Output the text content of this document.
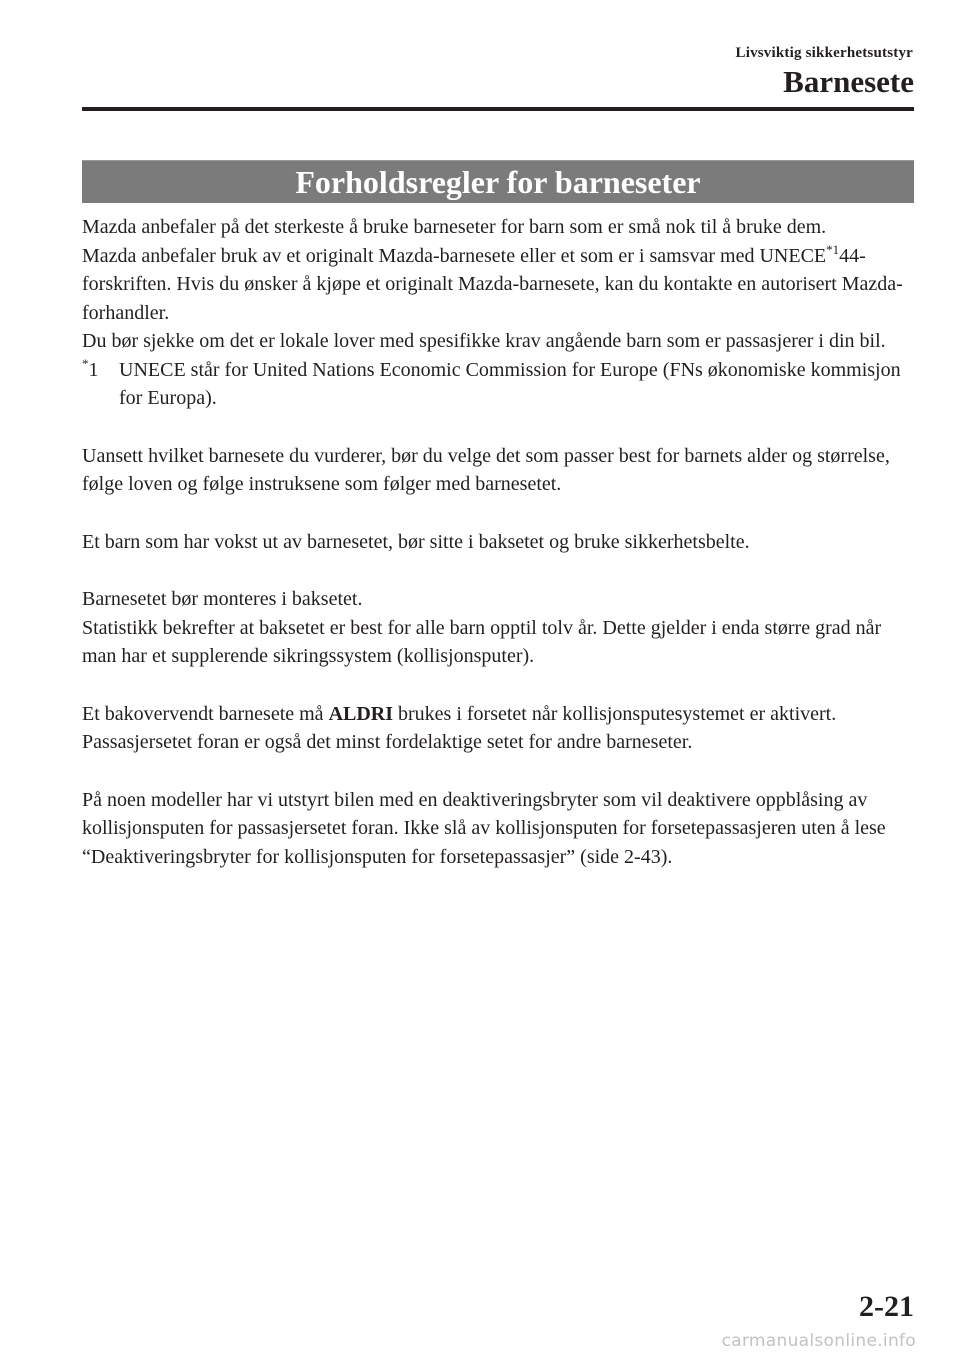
Livsviktig sikkerhetsutstyr
Barnesete
Forholdsregler for barneseter

Mazda anbefaler på det sterkeste å bruke barneseter for barn som er små nok til å bruke dem.

Mazda anbefaler bruk av et originalt Mazda-barnesete eller et som er i samsvar med UNECE$^{*1}$44-forskriften. Hvis du ønsker å kjøpe et originalt Mazda-barnesete, kan du kontakte en autorisert Mazda-forhandler.

Du bør sjekke om det er lokale lover med spesifikke krav angående barn som er passasjerer i din bil.

*1 UNECE står for United Nations Economic Commission for Europe (FNs økonomiske kommisjon for Europa).

Uansett hvilket barnesete du vurderer, bør du velge det som passer best for barnets alder og størrelse, følge loven og følge instruksene som følger med barnesetet.

Et barn som har vokst ut av barnesetet, bør sitte i baksetet og bruke sikkerhetsbelte.

Barnesetet bør monteres i baksetet.

Statistikk bekrefter at baksetet er best for alle barn opptil tolv år. Dette gjelder i enda større grad når man har et supplerende sikringssystem (kollisjonsputer).

Et bakovervendt barnesete må ALDRI brukes i forsetet når kollisjonsputesystemet er aktivert. Passasjersetet foran er også det minst fordelaktige setet for andre barneseter.

På noen modeller har vi utstyrt bilen med en deaktiveringsbryter som vil deaktivere oppblåsing av kollisjonsputen for passasjersetet foran. Ikke slå av kollisjonsputen for forsetepassasjeren uten å lese “Deaktiveringsbryter for kollisjonsputen for forsetepassasjer” (side 2-43).

2-21
carmanualsonline.info
